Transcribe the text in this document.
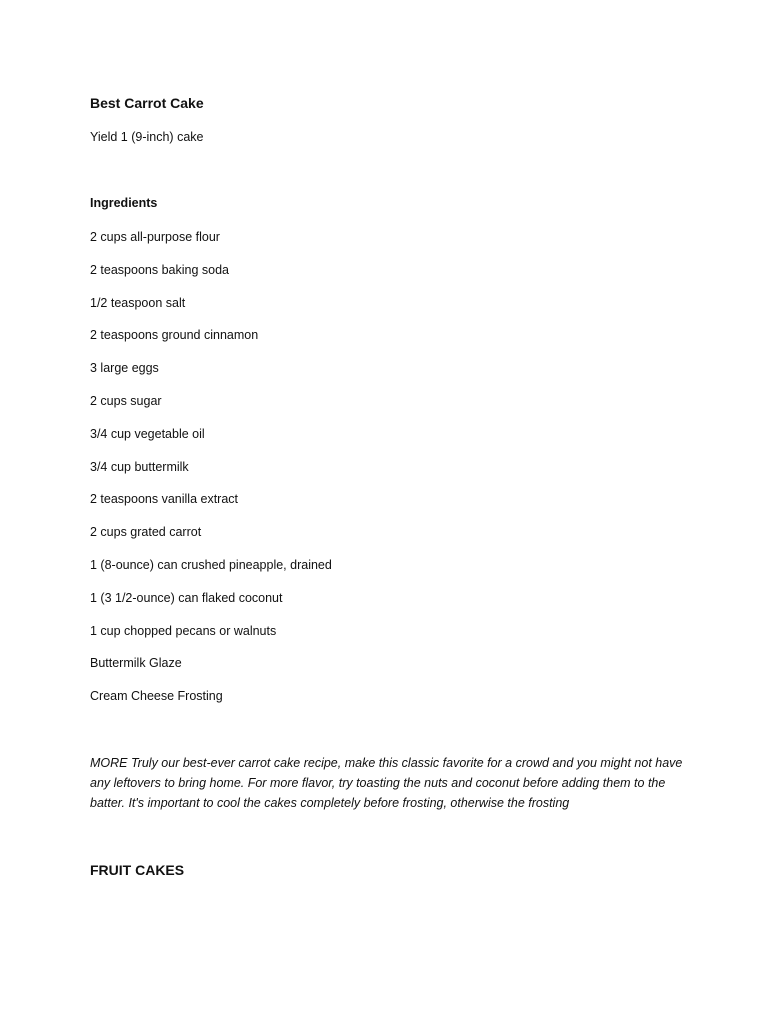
Best Carrot Cake

Yield 1 (9-inch) cake

Ingredients
2 cups all-purpose flour
2 teaspoons baking soda
1/2 teaspoon salt
2 teaspoons ground cinnamon
3 large eggs
2 cups sugar
3/4 cup vegetable oil
3/4 cup buttermilk
2 teaspoons vanilla extract
2 cups grated carrot
1 (8-ounce) can crushed pineapple, drained
1 (3 1/2-ounce) can flaked coconut
1 cup chopped pecans or walnuts
Buttermilk Glaze
Cream Cheese Frosting

MORE Truly our best-ever carrot cake recipe, make this classic favorite for a crowd and you might not have any leftovers to bring home. For more flavor, try toasting the nuts and coconut before adding them to the batter. It's important to cool the cakes completely before frosting, otherwise the frosting

FRUIT CAKES
